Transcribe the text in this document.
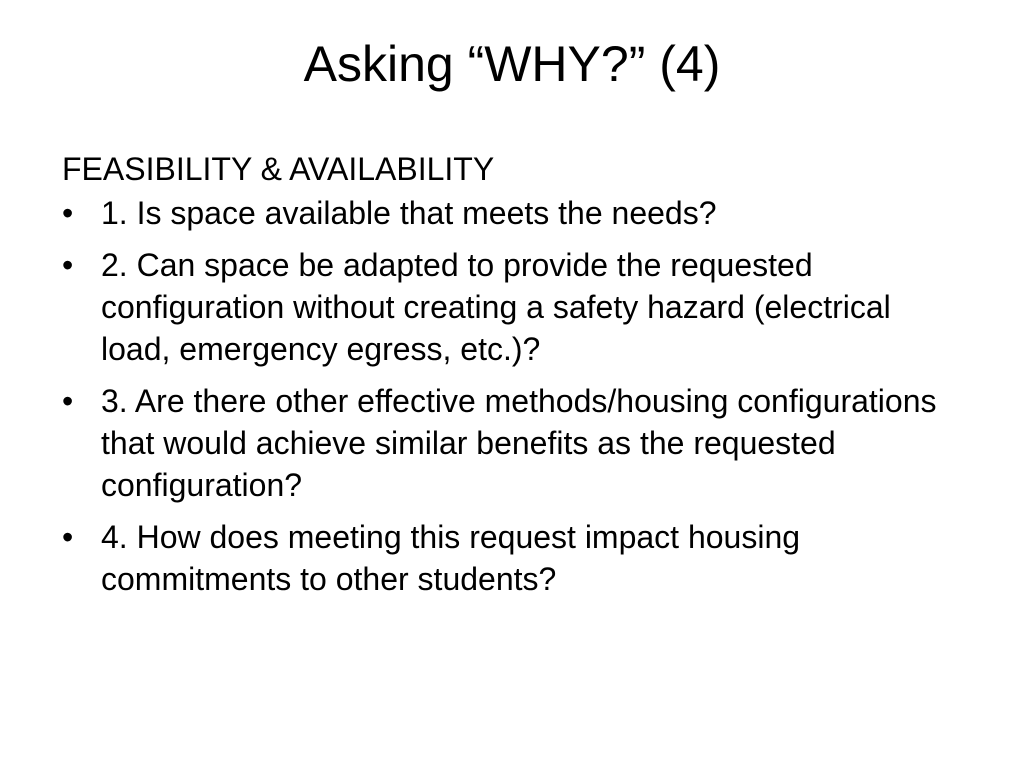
Asking “WHY?” (4)
FEASIBILITY & AVAILABILITY
• 1. Is space available that meets the needs?
• 2. Can space be adapted to provide the requested configuration without creating a safety hazard (electrical load, emergency egress, etc.)?
• 3. Are there other effective methods/housing configurations that would achieve similar benefits as the requested configuration?
• 4. How does meeting this request impact housing commitments to other students?
